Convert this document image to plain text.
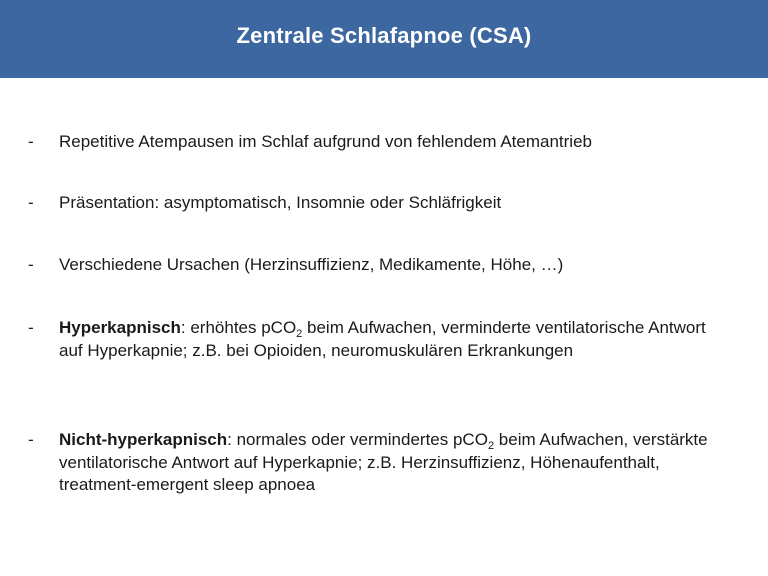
Zentrale Schlafapnoe (CSA)
- Repetitive Atempausen im Schlaf aufgrund von fehlendem Atemantrieb
- Präsentation: asymptomatisch, Insomnie oder Schläfrigkeit
- Verschiedene Ursachen (Herzinsuffizienz, Medikamente, Höhe, …)
- Hyperkapnisch: erhöhtes pCO$_2$ beim Aufwachen, verminderte ventilatorische Antwort auf Hyperkapnie; z.B. bei Opioiden, neuromuskulären Erkrankungen
- Nicht-hyperkapnisch: normales oder vermindertes pCO$_2$ beim Aufwachen, verstärkte ventilatorische Antwort auf Hyperkapnie; z.B. Herzinsuffizienz, Höhenaufenthalt, treatment-emergent sleep apnoea
